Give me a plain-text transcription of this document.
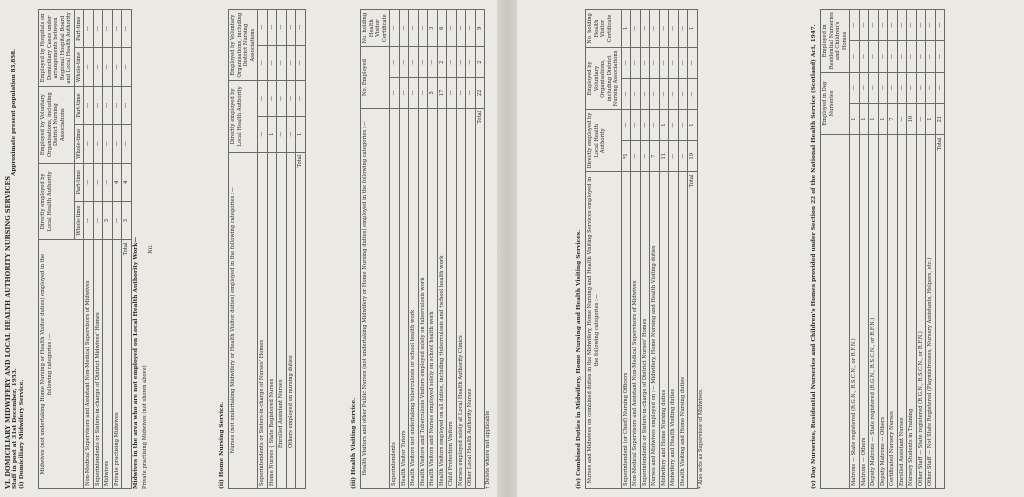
VI. DOMICILIARY MIDWIFERY AND LOCAL HEALTH AUTHORITY NURSING SERVICES Staff in post at 31st December, 1953.
Approximate present population 83,858.
(i) Domiciliary Midwifery Service.	Midwives (not undertaking Home Nursing or Health Visitor duties) employed in the following categories :—	Directly employed by Local Health Authority		Employed by Voluntary Organisations, including District Nursing Associations		Employed by Hospitals on Domiciliary Cases under arrangements between Regional Hospital Board and Local Health Authority	
	Whole-time	Part-time	Whole-time	Part-time	Whole-time	Part-time
Non-Medical Supervisors and Assistant Non-Medical Supervisors of Midwives	—	—	—	—	—	—
Superintendents or Sisters-in-charge of District Midwives' Homes	—	—	—	—	—	—
Midwives	3	—	—	—	—	—
Private practising Midwives	—	4	—	—	—	—
Total	3	4	—	—	—	—
Midwives in the area who are not employed on Local Health Authority Work— Private practising Midwives (not shown above)
Nil.
(ii) Home Nursing Service. Nurses (not undertaking Midwifery or Health Visitor duties) employed in the following categories :—	Directly employed by Local Health Authority		Employed by Voluntary Organisations, including District Nursing Associations	
Superintendents or Sisters-in-charge of Nurses' Homes	—	—	—	—
Home Nurses { State Registered Nurses	1	—	—	—
Enrolled Assistant Nurses	—	—	—	—
Others employed on nursing duties	—	—	—	—
Total	1	—	—	—
(iii) Health Visiting Service. Health Visitors and other Public Nurses (not undertaking Midwifery or Home Nursing duties) employed in the following categories :—	No. Employed		No. holding Health Visitor Certificate
Superintendents	—	—	—
Health Visitor Tutors	—	—	—
Health Visitors not undertaking tuberculosis or school health work	—	—	—
Health Visitors and Tuberculosis Visitors employed solely on tuberculosis work	—	—	—
Health Visitors and Nurses employed solely on school health work	5	—	3
Health Visitors employed on all duties, including †tuberculosis and †school health work	17	2	6
Child Protection Visitors	—	—	—
Nurses employed solely at Local Health Authority Clinics	—	—	—
Other Local Health Authority Nurses	—	—	—
Total	22	2	9
† Delete where not applicable	(iv) Combined Duties in Midwifery, Home Nursing and Health Visiting Services. Nurses and Midwives on combined duties in the Midwifery, Home Nursing and Health Visiting Services employed in the following categories :—	Directly employed by Local Health Authority		Employed by Voluntary Organisations, including District Nursing Associations		No. holding Health Visitor Certificate
Superintendent (or Chief) Nursing Officers	*1	—	—	—	1
Non-Medical Supervisors and Assistant Non-Medical Supervisors of Midwives	—	—	—	—	—
Superintendents or Sisters-in-charge of District Nurses' Homes	—	—	—	—	—
Nurses and Midwives employed on :— Midwifery, Home Nursing and Health Visiting duties	7	—	—	—	—
Midwifery and Home Nursing duties	11	1	—	—	—
Midwifery and Health Visiting duties	—	—	—	—	—
Health Visiting and Home Nursing duties	—	—	—	—	—
Total	19	1	—	—	1
* Also acts as Supervisor of Midwives.	(v) Day Nurseries, Residential Nurseries and Children's Homes provided under Section 22 of the National Health Service (Scotland) Act, 1947.
	Employed in Day Nurseries		Employed in Residential Nurseries and Children's Homes	
Matrons — State registered (R.G.N., R.S.C.N., or R.F.N.)	1	—	—	—
Matrons — Others	1	—	—	—
Deputy Matrons — State registered (R.G.N., R.S.C.N., or R.F.N.)	1	—	—	—
Deputy Matrons — Others	1	—	—	—
Certificated Nursery Nurses	7	—	—	—
Enrolled Assistant Nurses	—	—	—	—
Nursery Students in Training	10	—	—	—
Other Staff — State registered (R.G.N., R.S.C.N., or R.F.N.)	—	—	—	—
Other Staff — Not State Registered (Playmistresses, Nursery Assistants, Helpers, etc.)	1	—	—	—
Total	21	—	—	—
